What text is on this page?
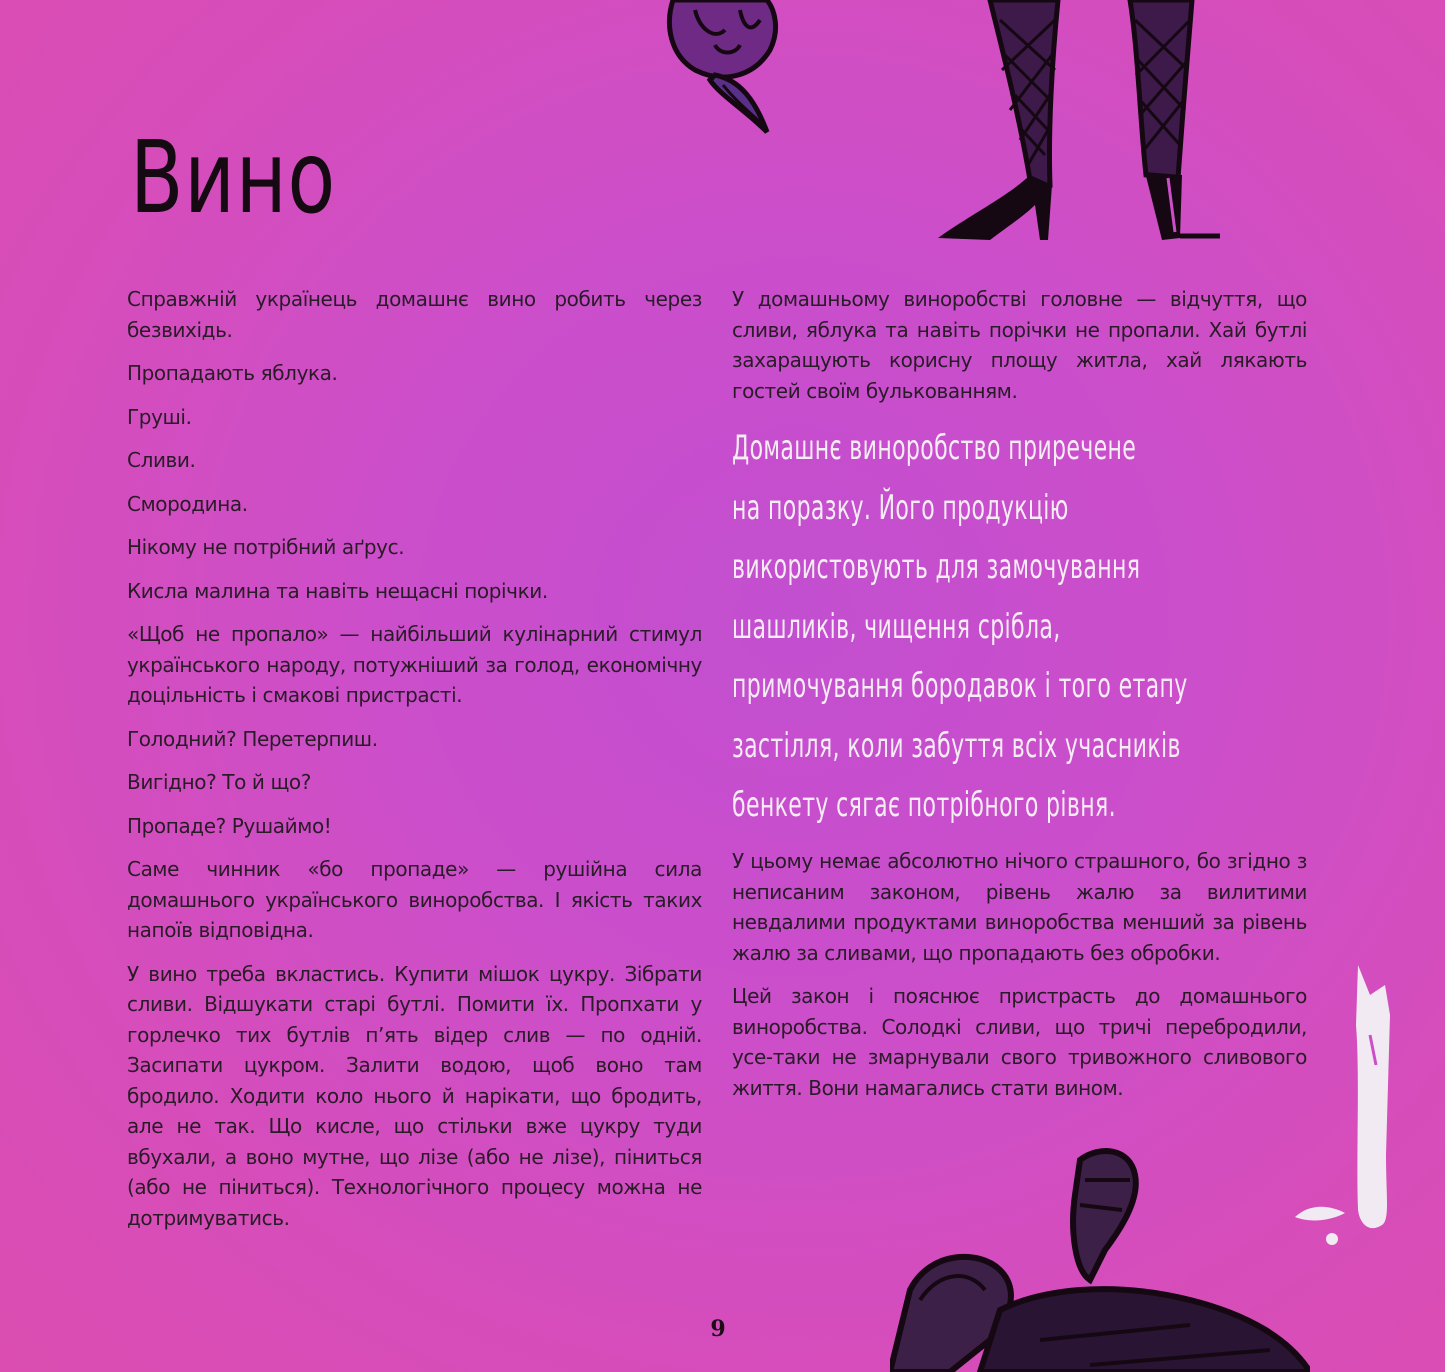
Вино

Справжній українець домашнє вино робить через безвихідь.

Пропадають яблука.

Груші.

Сливи.

Смородина.

Нікому не потрібний аґрус.

Кисла малина та навіть нещасні порічки.

«Щоб не пропало» — найбільший кулінарний стимул українського народу, потужніший за голод, економічну доцільність і смакові пристрасті.

Голодний? Перетерпиш.

Вигідно? То й що?

Пропаде? Рушаймо!

Саме чинник «бо пропаде» — рушійна сила домашнього українського виноробства. І якість таких напоїв відповідна.

У вино треба вкластись. Купити мішок цукру. Зібрати сливи. Відшукати старі бутлі. Помити їх. Пропхати у горлечко тих бутлів п’ять відер слив — по одній. Засипати цукром. Залити водою, щоб воно там бродило. Ходити коло нього й нарікати, що бродить, але не так. Що кисле, що стільки вже цукру туди вбухали, а воно мутне, що лізе (або не лізе), піниться (або не піниться). Технологічного процесу можна не дотримуватись.

У домашньому виноробстві головне — відчуття, що сливи, яблука та навіть порічки не пропали. Хай бутлі захаращують корисну площу житла, хай лякають гостей своїм булькованням.

Домашнє виноробство приречене
на поразку. Його продукцію
використовують для замочування
шашликів, чищення срібла,
примочування бородавок і того етапу
застілля, коли забуття всіх учасників
бенкету сягає потрібного рівня.

У цьому немає абсолютно нічого страшного, бо згідно з неписаним законом, рівень жалю за вилитими невдалими продуктами виноробства менший за рівень жалю за сливами, що пропадають без обробки.

Цей закон і пояснює пристрасть до домашнього виноробства. Солодкі сливи, що тричі перебродили, усе-таки не змарнували свого тривожного сливового життя. Вони намагались стати вином.

9
